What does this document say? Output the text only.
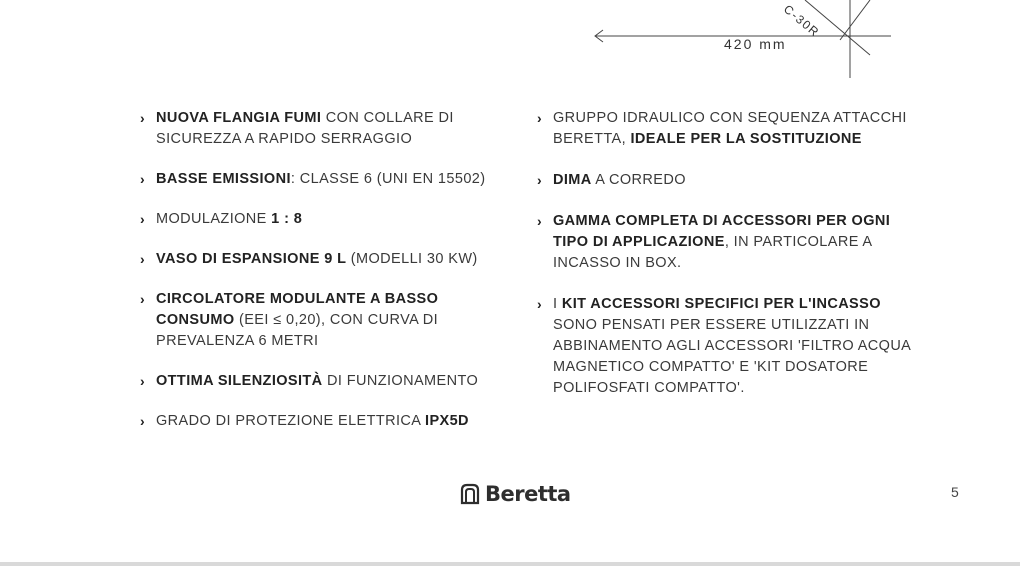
420 mm
C-30R
› NUOVA FLANGIA FUMI CON COLLARE DI SICUREZZA A RAPIDO SERRAGGIO
› BASSE EMISSIONI: CLASSE 6 (UNI EN 15502)
› MODULAZIONE 1 : 8
› VASO DI ESPANSIONE 9 L (MODELLI 30 KW)
› CIRCOLATORE MODULANTE A BASSO CONSUMO (EEI ≤ 0,20), CON CURVA DI PREVALENZA 6 METRI
› OTTIMA SILENZIOSITÀ DI FUNZIONAMENTO
› GRADO DI PROTEZIONE ELETTRICA IPX5D
› GRUPPO IDRAULICO CON SEQUENZA ATTACCHI BERETTA, IDEALE PER LA SOSTITUZIONE
› DIMA A CORREDO
› GAMMA COMPLETA DI ACCESSORI PER OGNI TIPO DI APPLICAZIONE, IN PARTICOLARE A INCASSO IN BOX.
› I KIT ACCESSORI SPECIFICI PER L'INCASSO SONO PENSATI PER ESSERE UTILIZZATI IN ABBINAMENTO AGLI ACCESSORI 'FILTRO ACQUA MAGNETICO COMPATTO' E 'KIT DOSATORE POLIFOSFATI COMPATTO'.
Beretta	5
